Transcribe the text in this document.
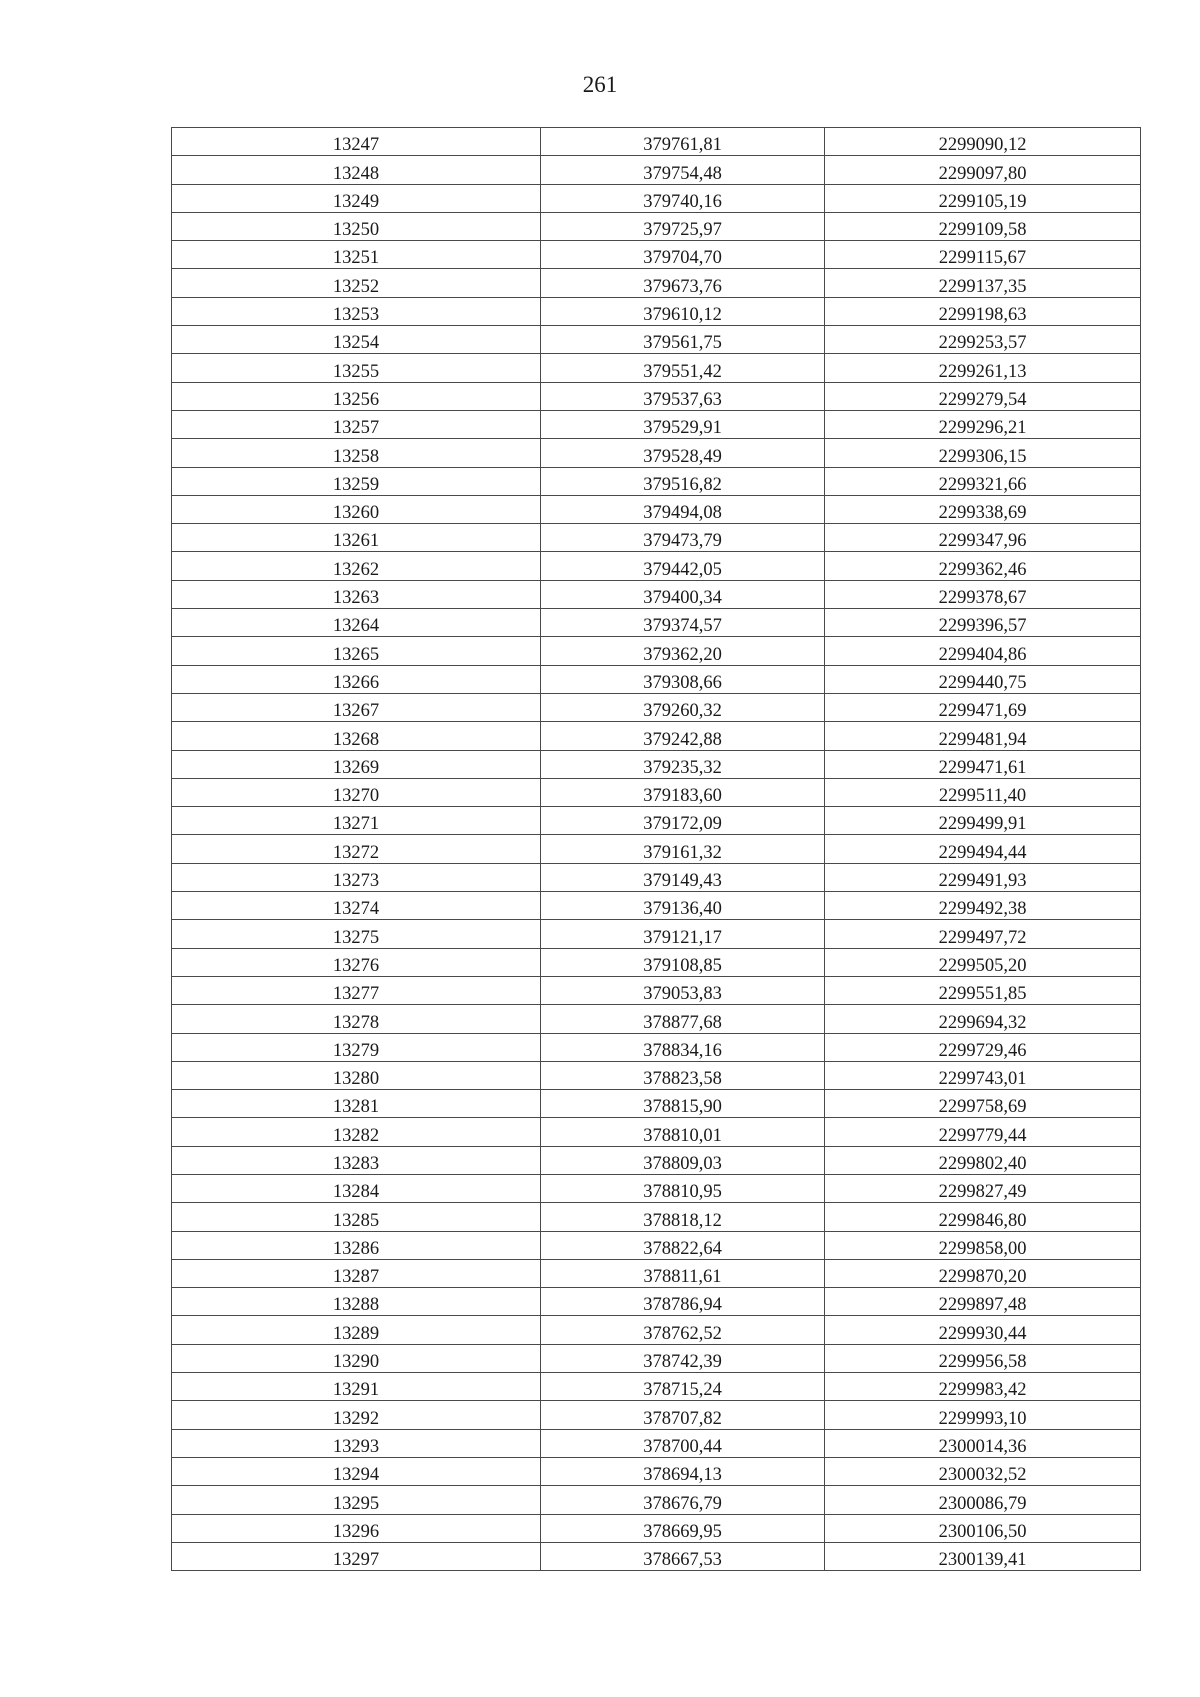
261
13247	379761,81	2299090,12
13248	379754,48	2299097,80
13249	379740,16	2299105,19
13250	379725,97	2299109,58
13251	379704,70	2299115,67
13252	379673,76	2299137,35
13253	379610,12	2299198,63
13254	379561,75	2299253,57
13255	379551,42	2299261,13
13256	379537,63	2299279,54
13257	379529,91	2299296,21
13258	379528,49	2299306,15
13259	379516,82	2299321,66
13260	379494,08	2299338,69
13261	379473,79	2299347,96
13262	379442,05	2299362,46
13263	379400,34	2299378,67
13264	379374,57	2299396,57
13265	379362,20	2299404,86
13266	379308,66	2299440,75
13267	379260,32	2299471,69
13268	379242,88	2299481,94
13269	379235,32	2299471,61
13270	379183,60	2299511,40
13271	379172,09	2299499,91
13272	379161,32	2299494,44
13273	379149,43	2299491,93
13274	379136,40	2299492,38
13275	379121,17	2299497,72
13276	379108,85	2299505,20
13277	379053,83	2299551,85
13278	378877,68	2299694,32
13279	378834,16	2299729,46
13280	378823,58	2299743,01
13281	378815,90	2299758,69
13282	378810,01	2299779,44
13283	378809,03	2299802,40
13284	378810,95	2299827,49
13285	378818,12	2299846,80
13286	378822,64	2299858,00
13287	378811,61	2299870,20
13288	378786,94	2299897,48
13289	378762,52	2299930,44
13290	378742,39	2299956,58
13291	378715,24	2299983,42
13292	378707,82	2299993,10
13293	378700,44	2300014,36
13294	378694,13	2300032,52
13295	378676,79	2300086,79
13296	378669,95	2300106,50
13297	378667,53	2300139,41
